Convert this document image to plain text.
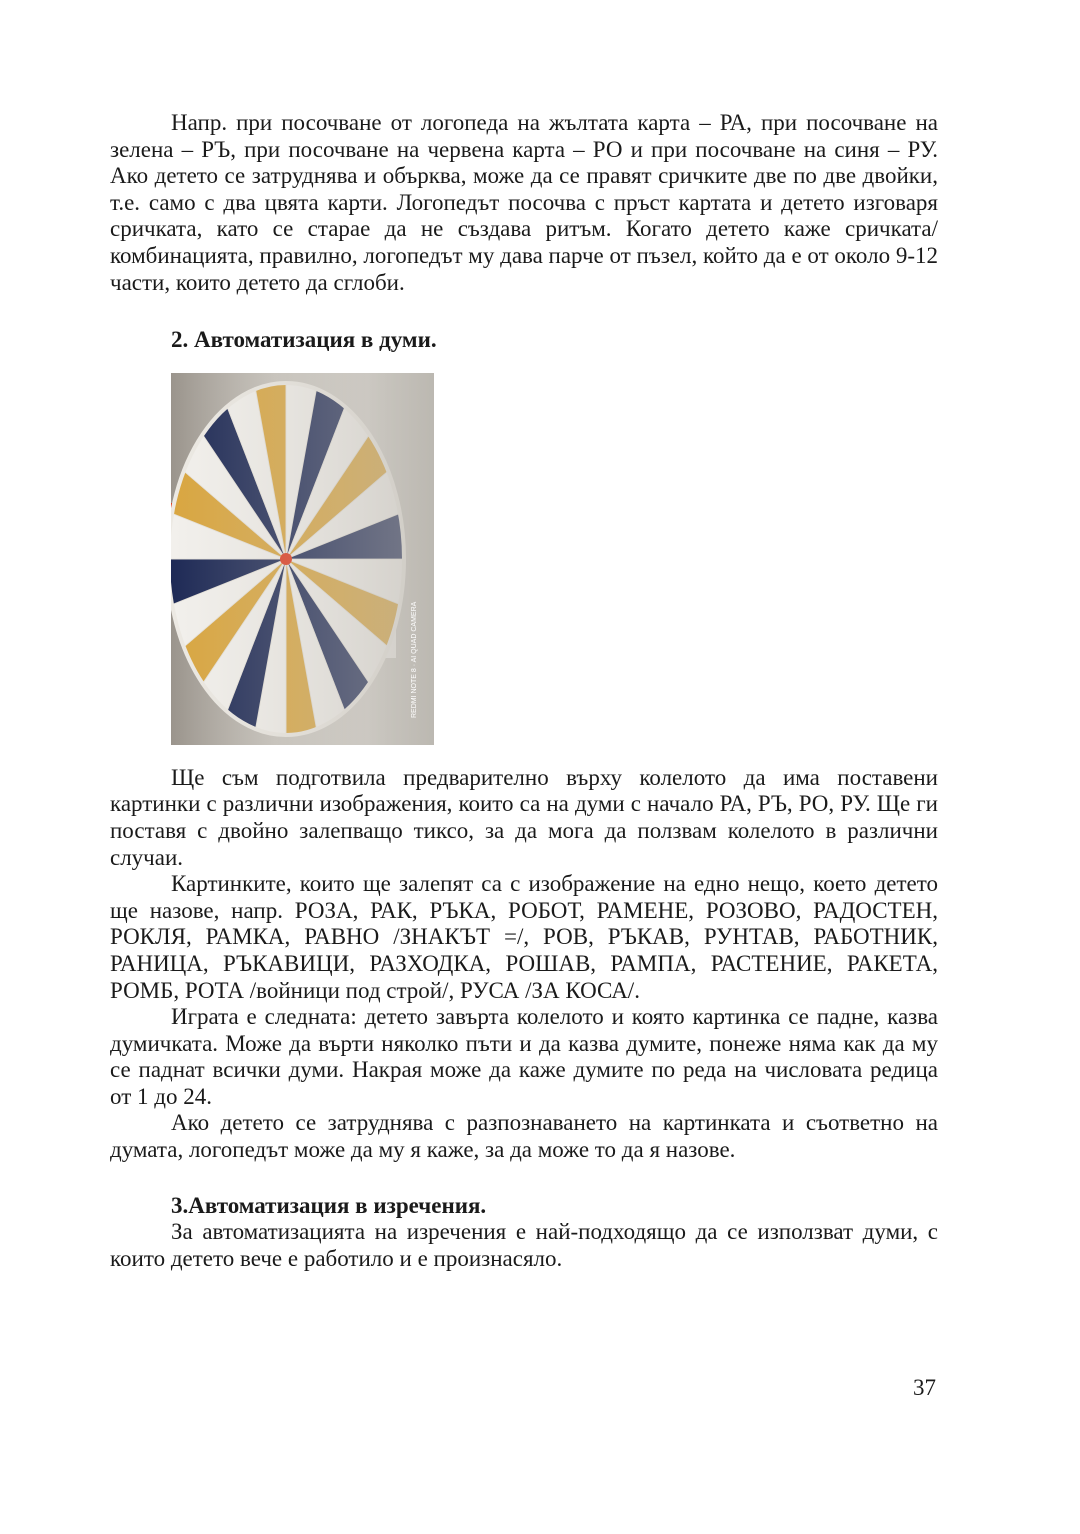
Напр. при посочване от логопеда на жълтата карта – РА, при посочване на зелена – РЪ, при посочване на червена карта – РО и при посочване на синя – РУ. Ако детето се затруднява и обърква, може да се правят сричките две по две двойки, т.е. само с два цвята карти. Логопедът посочва с пръст картата и детето изговаря сричката, като се старае да не създава ритъм. Когато детето каже сричката/комбинацията, правилно, логопедът му дава парче от пъзел, който да е от около 9-12 части, които детето да сглоби.

2. Автоматизация в думи.

REDMI NOTE 8 · AI QUAD CAMERA

Ще съм подготвила предварително върху колелото да има поставени картинки с различни изображения, които са на думи с начало РА, РЪ, РО, РУ. Ще ги поставя с двойно залепващо тиксо, за да мога да ползвам колелото в различни случаи.

Картинките, които ще залепят са с изображение на едно нещо, което детето ще назове, напр. РОЗА, РАК, РЪКА, РОБОТ, РАМЕНЕ, РОЗОВО, РАДОСТЕН, РОКЛЯ, РАМКА, РАВНО /ЗНАКЪТ =/, РОВ, РЪКАВ, РУНТАВ, РАБОТНИК, РАНИЦА, РЪКАВИЦИ, РАЗХОДКА, РОШАВ, РАМПА, РАСТЕНИЕ, РАКЕТА, РОМБ, РОТА /войници под строй/, РУСА /ЗА КОСА/.

Играта е следната: детето завърта колелото и която картинка се падне, казва думичката. Може да върти няколко пъти и да казва думите, понеже няма как да му се паднат всички думи. Накрая може да каже думите по реда на числовата редица от 1 до 24.

Ако детето се затруднява с разпознаването на картинката и съответно на думата, логопедът може да му я каже, за да може то да я назове.

3.Автоматизация в изречения.

За автоматизацията на изречения е най-подходящо да се използват думи, с които детето вече е работило и е произнасяло.

37
